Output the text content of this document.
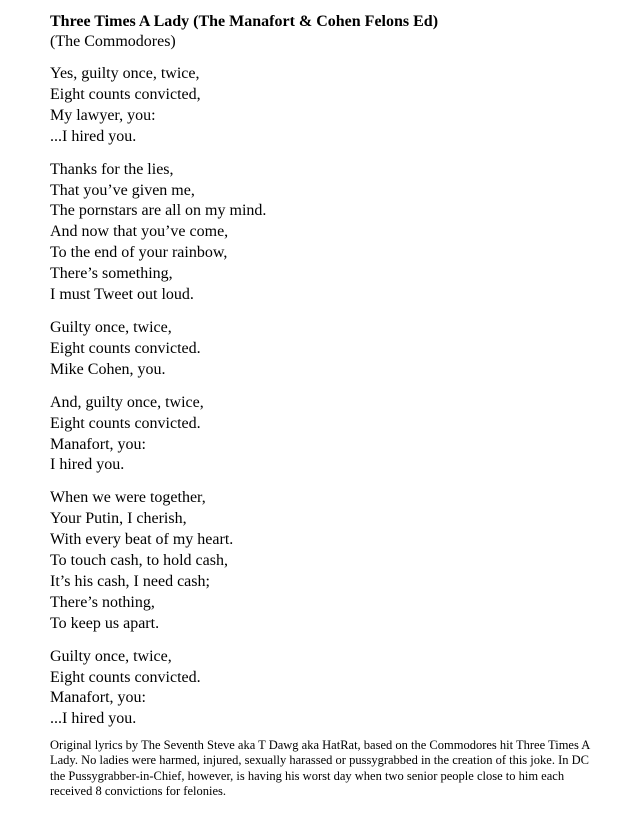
Three Times A Lady (The Manafort & Cohen Felons Ed)

(The Commodores)

Yes, guilty once, twice,
Eight counts convicted,
My lawyer, you:
...I hired you.
Thanks for the lies,
That you’ve given me,
The pornstars are all on my mind.
And now that you’ve come,
To the end of your rainbow,
There’s something,
I must Tweet out loud.
Guilty once, twice,
Eight counts convicted.
Mike Cohen, you.
And, guilty once, twice,
Eight counts convicted.
Manafort, you:
I hired you.
When we were together,
Your Putin, I cherish,
With every beat of my heart.
To touch cash, to hold cash,
It’s his cash, I need cash;
There’s nothing,
To keep us apart.
Guilty once, twice,
Eight counts convicted.
Manafort, you:
...I hired you.

Original lyrics by The Seventh Steve aka T Dawg aka HatRat, based on the Commodores hit Three Times A Lady. No ladies were harmed, injured, sexually harassed or pussygrabbed in the creation of this joke. In DC the Pussygrabber-in-Chief, however, is having his worst day when two senior people close to him each received 8 convictions for felonies.
